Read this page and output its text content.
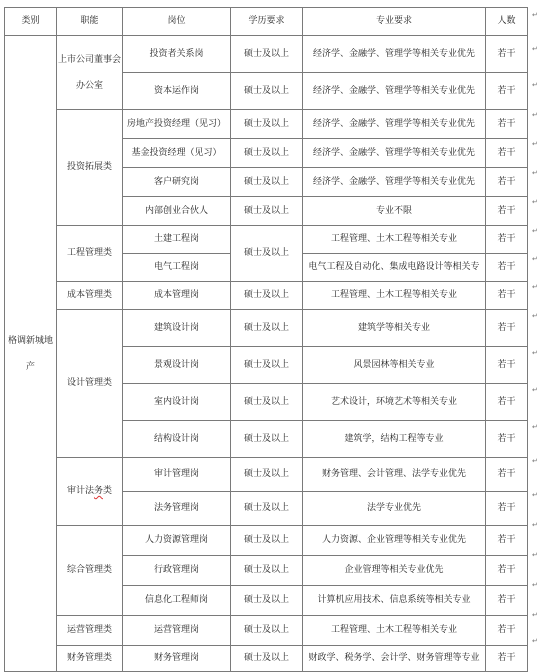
类别	职能	岗位	学历要求	专业要求	人数
格调新城地产	上市公司董事会办公室	投资者关系岗	硕士及以上	经济学、金融学、管理学等相关专业优先	若干
		资本运作岗	硕士及以上	经济学、金融学、管理学等相关专业优先	若干
	投资拓展类	房地产投资经理（见习）	硕士及以上	经济学、金融学、管理学等相关专业优先	若干
		基金投资经理（见习）	硕士及以上	经济学、金融学、管理学等相关专业优先	若干
		客户研究岗	硕士及以上	经济学、金融学、管理学等相关专业优先	若干
		内部创业合伙人	硕士及以上	专业不限	若干
	工程管理类	土建工程岗	硕士及以上	工程管理、土木工程等相关专业	若干
		电气工程岗		电气工程及自动化、集成电路设计等相关专	若干
	成本管理类	成本管理岗	硕士及以上	工程管理、土木工程等相关专业	若干
	设计管理类	建筑设计岗	硕士及以上	建筑学等相关专业	若干
		景观设计岗	硕士及以上	风景园林等相关专业	若干
		室内设计岗	硕士及以上	艺术设计，环境艺术等相关专业	若干
		结构设计岗	硕士及以上	建筑学，结构工程等专业	若干
	审计法务类	审计管理岗	硕士及以上	财务管理、会计管理、法学专业优先	若干
		法务管理岗	硕士及以上	法学专业优先	若干
	综合管理类	人力资源管理岗	硕士及以上	人力资源、企业管理等相关专业优先	若干
		行政管理岗	硕士及以上	企业管理等相关专业优先	若干
		信息化工程师岗	硕士及以上	计算机应用技术、信息系统等相关专业	若干
	运营管理类	运营管理岗	硕士及以上	工程管理、土木工程等相关专业	若干
	财务管理类	财务管理岗	硕士及以上	财政学、税务学、会计学、财务管理等专业	若干
↵
↵
↵
↵
↵
↵
↵
↵
↵
↵
↵
↵
↵
↵
↵
↵
↵
↵
↵
↵
↵
